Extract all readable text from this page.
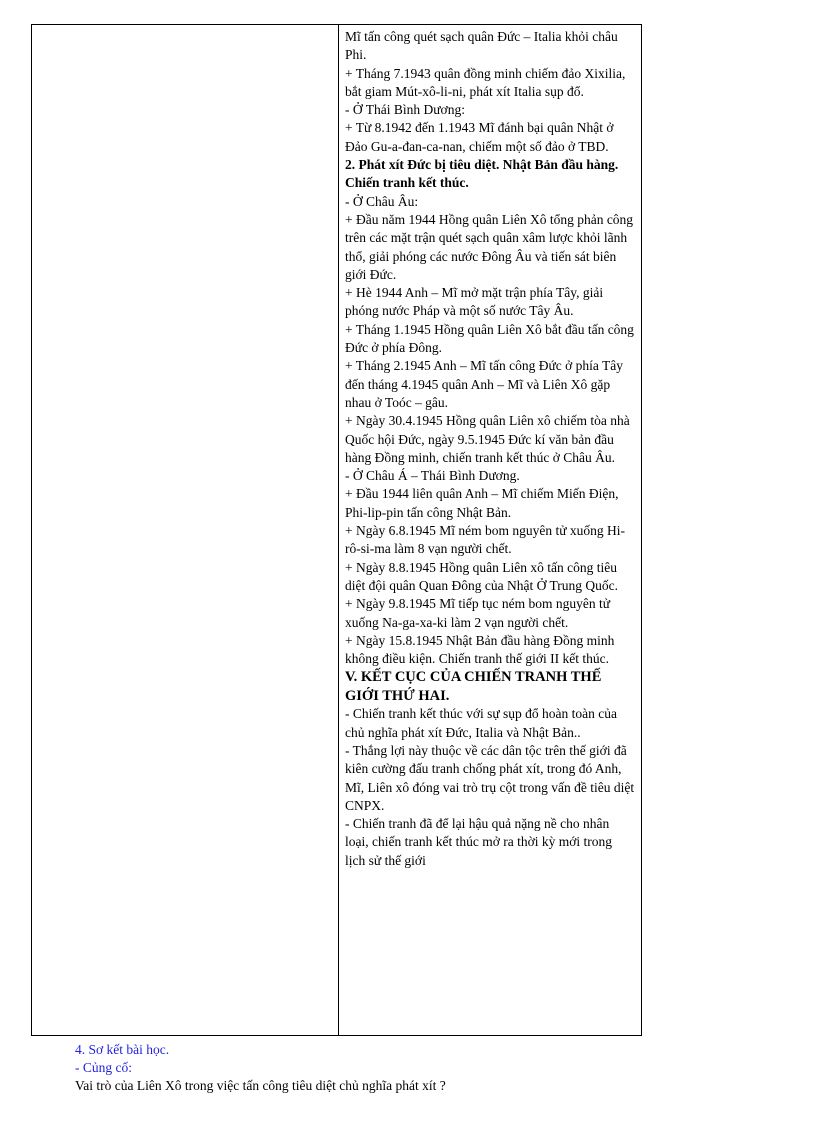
Mĩ tấn công quét sạch quân Đức – Italia khỏi châu Phi.

+ Tháng 7.1943 quân đồng minh chiếm đảo Xixilia, bắt giam Mút-xô-li-ni, phát xít Italia sụp đổ.

- Ở Thái Bình Dương:

+ Từ 8.1942 đến 1.1943 Mĩ đánh bại quân Nhật ở Đảo Gu-a-đan-ca-nan, chiếm một số đảo ở TBD.

2. Phát xít Đức bị tiêu diệt. Nhật Bản đầu hàng. Chiến tranh kết thúc.

- Ở Châu Âu:

+ Đầu năm 1944 Hồng quân Liên Xô tổng phản công trên các mặt trận quét sạch quân xâm lược khỏi lãnh thổ, giải phóng các nước Đông Âu và tiến sát biên giới Đức.

+ Hè 1944 Anh – Mĩ mở mặt trận phía Tây, giải phóng nước Pháp và một số nước Tây Âu.

+ Tháng 1.1945 Hồng quân Liên Xô bắt đầu tấn công Đức ở phía Đông.

+ Tháng 2.1945 Anh – Mĩ tấn công Đức ở phía Tây đến tháng 4.1945 quân Anh – Mĩ và Liên Xô gặp nhau ở Toóc – gâu.

+ Ngày 30.4.1945 Hồng quân Liên xô chiếm tòa nhà Quốc hội Đức, ngày 9.5.1945 Đức kí văn bản đầu hàng Đồng minh, chiến tranh kết thúc ở Châu Âu.

- Ở Châu Á – Thái Bình Dương.

+ Đầu 1944 liên quân Anh – Mĩ chiếm Miến Điện, Phi-lip-pin tấn công Nhật Bản.

+ Ngày 6.8.1945 Mĩ ném bom nguyên tử xuống Hi-rô-si-ma làm 8 vạn người chết.

+ Ngày 8.8.1945 Hồng quân Liên xô tấn công tiêu diệt đội quân Quan Đông của Nhật Ở Trung Quốc.

+ Ngày 9.8.1945 Mĩ tiếp tục ném bom nguyên tử xuống Na-ga-xa-ki làm 2 vạn người chết.

+ Ngày 15.8.1945 Nhật Bản đầu hàng Đồng minh không điều kiện. Chiến tranh thế giới II kết thúc.

V. KẾT CỤC CỦA CHIẾN TRANH THẾ GIỚI THỨ HAI.

- Chiến tranh kết thúc với sự sụp đổ hoàn toàn của chủ nghĩa phát xít Đức, Italia và Nhật Bản..

- Thắng lợi này thuộc về các dân tộc trên thế giới đã kiên cường đấu tranh chống phát xít, trong đó Anh, Mĩ, Liên xô đóng vai trò trụ cột trong vấn đề tiêu diệt CNPX.

- Chiến tranh đã để lại hậu quả nặng nề cho nhân loại, chiến tranh kết thúc mở ra thời kỳ mới trong lịch sử thế giới

4. Sơ kết bài học.

- Củng cố:

Vai trò của Liên Xô trong việc tấn công tiêu diệt chủ nghĩa phát xít ?
